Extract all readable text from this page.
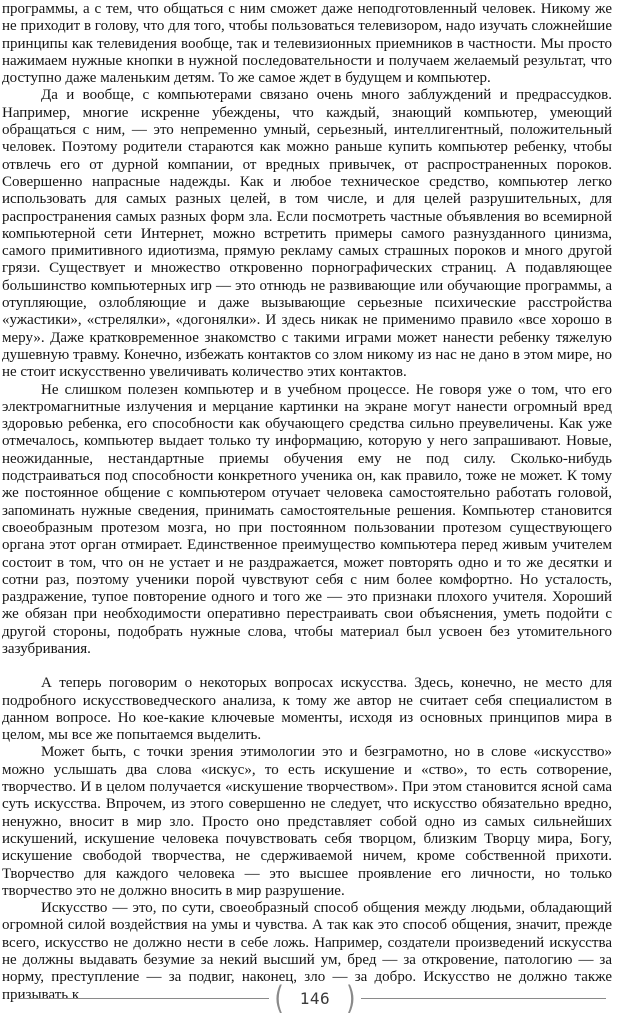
программы, а с тем, что общаться с ним сможет даже неподготовленный человек. Никому же не приходит в голову, что для того, чтобы пользоваться телевизором, надо изучать сложнейшие принципы как телевидения вообще, так и телевизионных приемников в частности. Мы просто нажимаем нужные кнопки в нужной последовательности и получаем желаемый результат, что доступно даже маленьким детям. То же самое ждет в будущем и компьютер.

Да и вообще, с компьютерами связано очень много заблуждений и предрассудков. Например, многие искренне убеждены, что каждый, знающий компьютер, умеющий обращаться с ним, — это непременно умный, серьезный, интеллигентный, положительный человек. Поэтому родители стараются как можно раньше купить компьютер ребенку, чтобы отвлечь его от дурной компании, от вредных привычек, от распространенных пороков. Совершенно напрасные надежды. Как и любое техническое средство, компьютер легко использовать для самых разных целей, в том числе, и для целей разрушительных, для распространения самых разных форм зла. Если посмотреть частные объявления во всемирной компьютерной сети Интернет, можно встретить примеры самого разнузданного цинизма, самого примитивного идиотизма, прямую рекламу самых страшных пороков и много другой грязи. Существует и множество откровенно порнографических страниц. А подавляющее большинство компьютерных игр — это отнюдь не развивающие или обучающие программы, а отупляющие, озлобляющие и даже вызывающие серьезные психические расстройства «ужастики», «стрелялки», «догонялки». И здесь никак не применимо правило «все хорошо в меру». Даже кратковременное знакомство с такими играми может нанести ребенку тяжелую душевную травму. Конечно, избежать контактов со злом никому из нас не дано в этом мире, но не стоит искусственно увеличивать количество этих контактов.

Не слишком полезен компьютер и в учебном процессе. Не говоря уже о том, что его электромагнитные излучения и мерцание картинки на экране могут нанести огромный вред здоровью ребенка, его способности как обучающего средства сильно преувеличены. Как уже отмечалось, компьютер выдает только ту информацию, которую у него запрашивают. Новые, неожиданные, нестандартные приемы обучения ему не под силу. Сколько-нибудь подстраиваться под способности конкретного ученика он, как правило, тоже не может. К тому же постоянное общение с компьютером отучает человека самостоятельно работать головой, запоминать нужные сведения, принимать самостоятельные решения. Компьютер становится своеобразным протезом мозга, но при постоянном пользовании протезом существующего органа этот орган отмирает. Единственное преимущество компьютера перед живым учителем состоит в том, что он не устает и не раздражается, может повторять одно и то же десятки и сотни раз, поэтому ученики порой чувствуют себя с ним более комфортно. Но усталость, раздражение, тупое повторение одного и того же — это признаки плохого учителя. Хороший же обязан при необходимости оперативно перестраивать свои объяснения, уметь подойти с другой стороны, подобрать нужные слова, чтобы материал был усвоен без утомительного зазубривания.

А теперь поговорим о некоторых вопросах искусства. Здесь, конечно, не место для подробного искусствоведческого анализа, к тому же автор не считает себя специалистом в данном вопросе. Но кое-какие ключевые моменты, исходя из основных принципов мира в целом, мы все же попытаемся выделить.

Может быть, с точки зрения этимологии это и безграмотно, но в слове «искусство» можно услышать два слова «искус», то есть искушение и «ство», то есть сотворение, творчество. И в целом получается «искушение творчеством». При этом становится ясной сама суть искусства. Впрочем, из этого совершенно не следует, что искусство обязательно вредно, ненужно, вносит в мир зло. Просто оно представляет собой одно из самых сильнейших искушений, искушение человека почувствовать себя творцом, близким Творцу мира, Богу, искушение свободой творчества, не сдерживаемой ничем, кроме собственной прихоти. Творчество для каждого человека — это высшее проявление его личности, но только творчество это не должно вносить в мир разрушение.

Искусство — это, по сути, своеобразный способ общения между людьми, обладающий огромной силой воздействия на умы и чувства. А так как это способ общения, значит, прежде всего, искусство не должно нести в себе ложь. Например, создатели произведений искусства не должны выдавать безумие за некий высший ум, бред — за откровение, патологию — за норму, преступление — за подвиг, наконец, зло — за добро. Искусство не должно также призывать к	(	146 )
